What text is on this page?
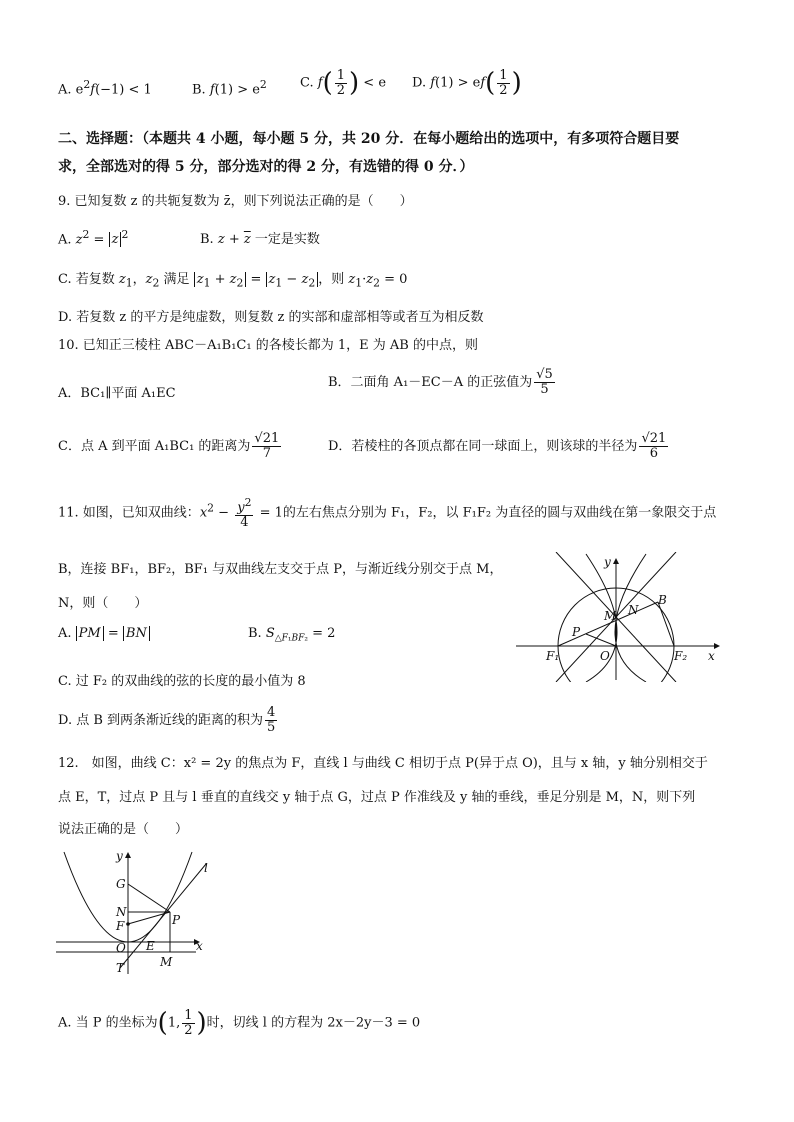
A. $e^2f(-1) < 1$	B. $f(1) > e^2$	C. $f( \frac{1}{2}$ ) < e D. $f(1) > ef( \frac{1}{2}$ )
二、选择题：（本题共 4 小题，每小题 5 分，共 20 分．在每小题给出的选项中，有多项符合题目要
求，全部选对的得 5 分，部分选对的得 2 分，有选错的得 0 分．）
9. 已知复数 z 的共轭复数为 z̄，则下列说法正确的是（　　）
A. $z^2 = z$ $^2$	B. $z + \overline{z}$ 一定是实数
C. 若复数 $z_1$，$z_2$ 满足 $z_1 + z_2 = z_1 - z_2$ ，则 $z_1\cdot z_2 = 0$
D. 若复数 z 的平方是纯虚数，则复数 z 的实部和虚部相等或者互为相反数
10. 已知正三棱柱 ABC－A₁B₁C₁ 的各棱长都为 1，E 为 AB 的中点，则
A．BC₁∥平面 A₁EC
B．二面角 A₁－EC－A 的正弦值为 $\frac{√5}{5}$
C．点 A 到平面 A₁BC₁ 的距离为 $\frac{√21}{7}$	D．若棱柱的各顶点都在同一球面上，则该球的半径为 $\frac{√21}{6}$
11. 如图，已知双曲线：$x^2 - \frac{y^2}{4} = 1$的左右焦点分别为 F₁，F₂，以 F₁F₂ 为直径的圆与双曲线在第一象限交于点
B，连接 BF₁，BF₂，BF₁ 与双曲线左支交于点 P，与渐近线分别交于点 M，
N，则（　　）
A. PM = BN	B. $S_{\triangle F_1BF_2} = 2$
C. 过 F₂ 的双曲线的弦的长度的最小值为 8
D. 点 B 到两条渐近线的距离的积为 $\frac{4}{5}$
y
B
N
M
P
F₁	O	F₂ x
12.　如图，曲线 C：x² = 2y 的焦点为 F，直线 l 与曲线 C 相切于点 P(异于点 O)，且与 x 轴，y 轴分别相交于
点 E，T，过点 P 且与 l 垂直的直线交 y 轴于点 G，过点 P 作准线及 y 轴的垂线，垂足分别是 M，N，则下列
说法正确的是（　　）
y
l
G
N
P
F
O E	x
T	M
A. 当 P 的坐标为(1, $\frac{1}{2}$ )时，切线 l 的方程为 2x－2y－3 = 0
